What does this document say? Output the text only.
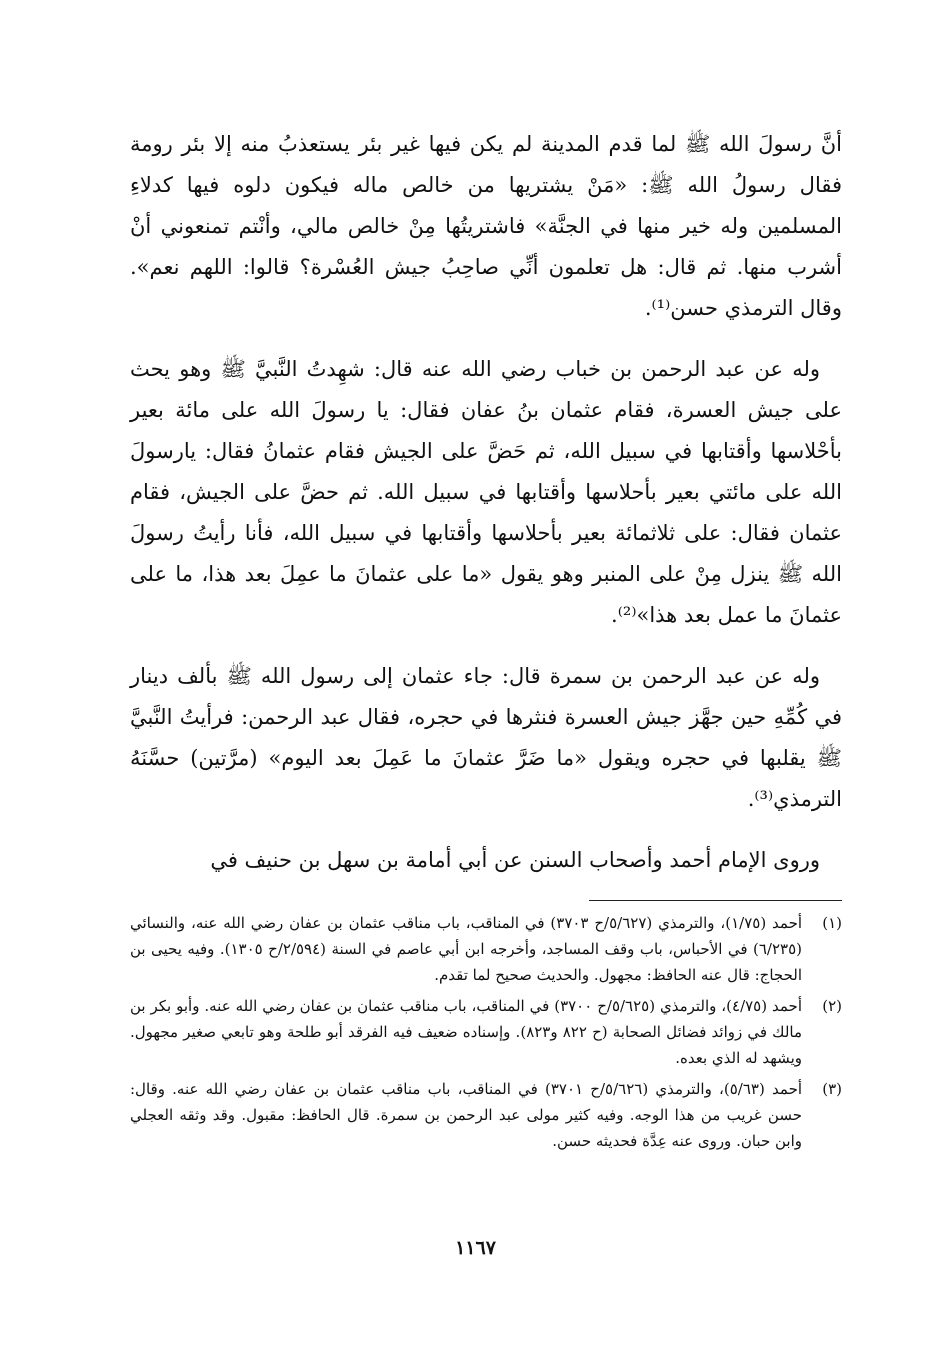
أنَّ رسولَ الله ﷺ لما قدم المدينة لم يكن فيها غير بئر يستعذبُ منه إلا بئر رومة فقال رسولُ الله ﷺ: «مَنْ يشتريها من خالص ماله فيكون دلوه فيها كدلاءِ المسلمين وله خير منها في الجنَّة» فاشتريتُها مِنْ خالص مالي، وأنْتم تمنعوني أنْ أشرب منها. ثم قال: هل تعلمون أنِّي صاحِبُ جيش العُسْرة؟ قالوا: اللهم نعم». وقال الترمذي حسن⁽¹⁾.

وله عن عبد الرحمن بن خباب رضي الله عنه قال: شهِدتُ النَّبيَّ ﷺ وهو يحث على جيش العسرة، فقام عثمان بنُ عفان فقال: يا رسولَ الله على مائة بعير بأحْلاسها وأقتابها في سبيل الله، ثم حَضَّ على الجيش فقام عثمانُ فقال: يارسولَ الله على مائتي بعير بأحلاسها وأقتابها في سبيل الله. ثم حضَّ على الجيش، فقام عثمان فقال: على ثلاثمائة بعير بأحلاسها وأقتابها في سبيل الله، فأنا رأيتُ رسولَ الله ﷺ ينزل مِنْ على المنبر وهو يقول «ما على عثمانَ ما عمِلَ بعد هذا، ما على عثمانَ ما عمل بعد هذا»⁽²⁾.

وله عن عبد الرحمن بن سمرة قال: جاء عثمان إلى رسول الله ﷺ بألف دينار في كُمِّهِ حين جهَّز جيش العسرة فنثرها في حجره، فقال عبد الرحمن: فرأيتُ النَّبيَّ ﷺ يقلبها في حجره ويقول «ما ضَرَّ عثمانَ ما عَمِلَ بعد اليوم» (مرَّتين) حسَّنَهُ الترمذي⁽³⁾.

وروى الإمام أحمد وأصحاب السنن عن أبي أمامة بن سهل بن حنيف في

(١)
أحمد (١/٧٥)، والترمذي (٥/٦٢٧/ح ٣٧٠٣) في المناقب، باب مناقب عثمان بن عفان رضي الله عنه، والنسائي (٦/٢٣٥) في الأحباس، باب وقف المساجد، وأخرجه ابن أبي عاصم في السنة (٢/٥٩٤/ح ١٣٠٥). وفيه يحيى بن الحجاج: قال عنه الحافظ: مجهول. والحديث صحيح لما تقدم.
(٢)
أحمد (٤/٧٥)، والترمذي (٥/٦٢٥/ح ٣٧٠٠) في المناقب، باب مناقب عثمان بن عفان رضي الله عنه. وأبو بكر بن مالك في زوائد فضائل الصحابة (ح ٨٢٢ و٨٢٣). وإسناده ضعيف فيه الفرقد أبو طلحة وهو تابعي صغير مجهول. ويشهد له الذي بعده.
(٣)
أحمد (٥/٦٣)، والترمذي (٥/٦٢٦/ح ٣٧٠١) في المناقب، باب مناقب عثمان بن عفان رضي الله عنه. وقال: حسن غريب من هذا الوجه. وفيه كثير مولى عبد الرحمن بن سمرة. قال الحافظ: مقبول. وقد وثقه العجلي وابن حبان. وروى عنه عِدَّة فحديثه حسن.
١١٦٧
